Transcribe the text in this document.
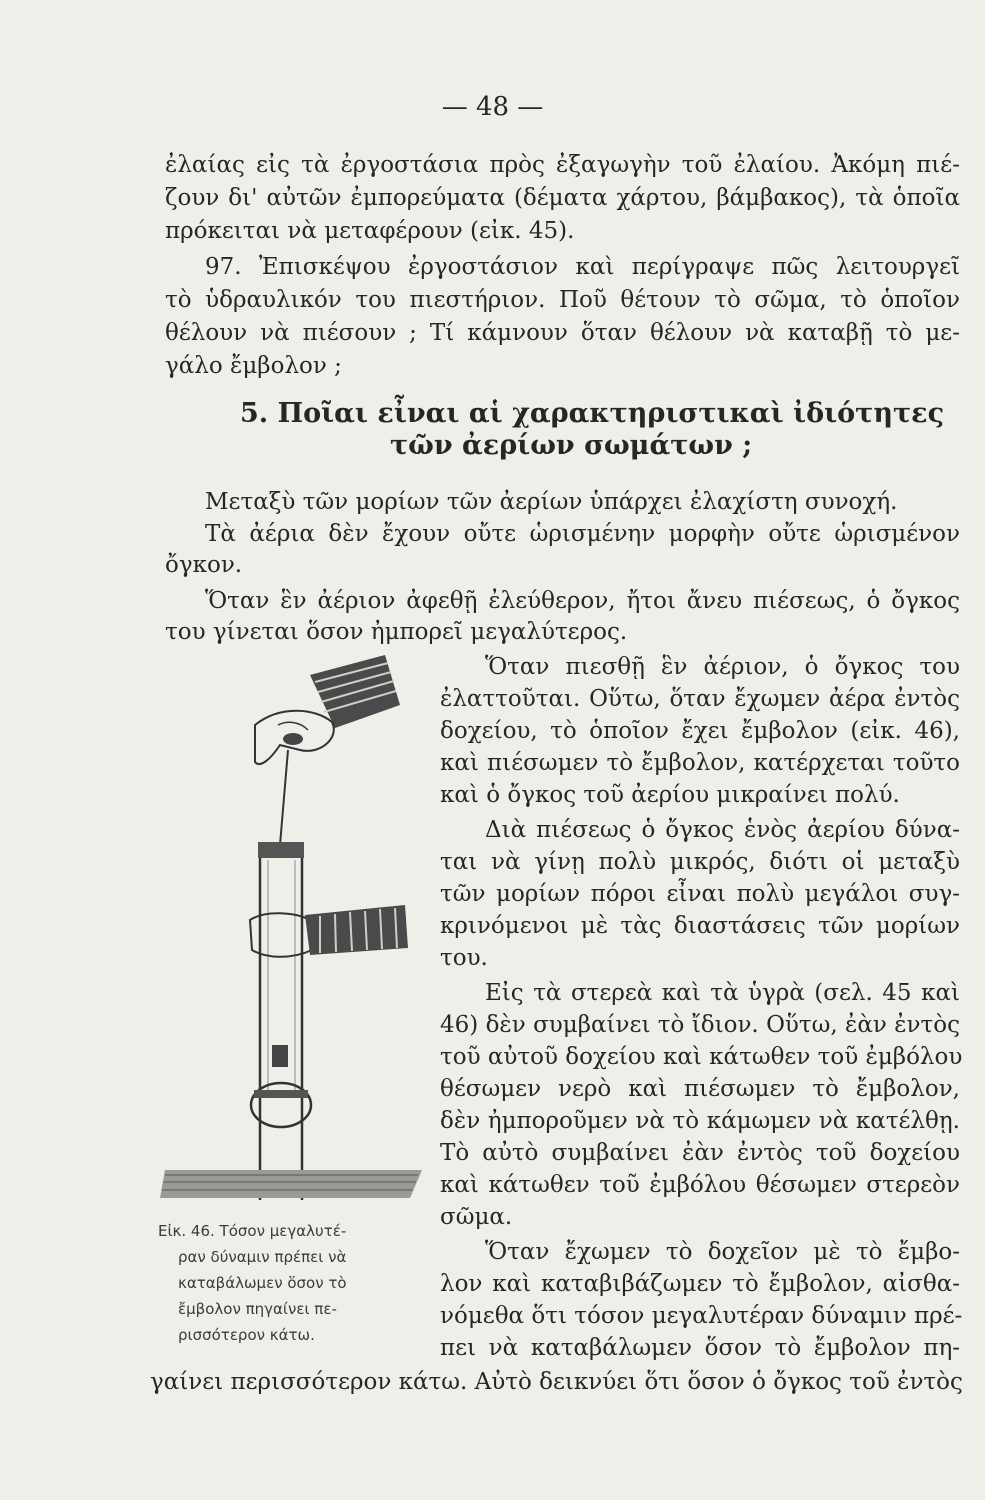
— 48 —
ἐλαίας εἰς τὰ ἐργοστάσια πρὸς ἐξαγωγὴν τοῦ ἐλαίου. Ἀκόμη πιέ-
ζουν δι' αὐτῶν ἐμπορεύματα (δέματα χάρτου, βάμβακος), τὰ ὁποῖα
πρόκειται νὰ μεταφέρουν (εἰκ. 45).
97. Ἐπισκέψου ἐργοστάσιον καὶ περίγραψε πῶς λειτουργεῖ
τὸ ὑδραυλικόν του πιεστήριον. Ποῦ θέτουν τὸ σῶμα, τὸ ὁποῖον
θέλουν νὰ πιέσουν ; Τί κάμνουν ὅταν θέλουν νὰ καταβῇ τὸ με-
γάλο ἔμβολον ;
5. Ποῖαι εἶναι αἱ χαρακτηριστικαὶ ἰδιότητες
τῶν ἀερίων σωμάτων ;
Μεταξὺ τῶν μορίων τῶν ἀερίων ὑπάρχει ἐλαχίστη συνοχή.
Τὰ ἀέρια δὲν ἔχουν οὔτε ὡρισμένην μορφὴν οὔτε ὡρισμένον
ὄγκον.
Ὅταν ἓν ἀέριον ἀφεθῇ ἐλεύθερον, ἤτοι ἄνευ πιέσεως, ὁ ὄγκος
του γίνεται ὅσον ἠμπορεῖ μεγαλύτερος.
Ὅταν πιεσθῇ ἓν ἀέριον, ὁ ὄγκος του
ἐλαττοῦται. Οὕτω, ὅταν ἔχωμεν ἀέρα ἐντὸς
δοχείου, τὸ ὁποῖον ἔχει ἔμβολον (εἰκ. 46),
καὶ πιέσωμεν τὸ ἔμβολον, κατέρχεται τοῦτο
καὶ ὁ ὄγκος τοῦ ἀερίου μικραίνει πολύ.
Διὰ πιέσεως ὁ ὄγκος ἑνὸς ἀερίου δύνα-
ται νὰ γίνῃ πολὺ μικρός, διότι οἱ μεταξὺ
τῶν μορίων πόροι εἶναι πολὺ μεγάλοι συγ-
κρινόμενοι μὲ τὰς διαστάσεις τῶν μορίων
του.
Εἰς τὰ στερεὰ καὶ τὰ ὑγρὰ (σελ. 45 καὶ
46) δὲν συμβαίνει τὸ ἴδιον. Οὕτω, ἐὰν ἐντὸς
τοῦ αὐτοῦ δοχείου καὶ κάτωθεν τοῦ ἐμβόλου
θέσωμεν νερὸ καὶ πιέσωμεν τὸ ἔμβολον,
δὲν ἠμποροῦμεν νὰ τὸ κάμωμεν νὰ κατέλθῃ.
Τὸ αὐτὸ συμβαίνει ἐὰν ἐντὸς τοῦ δοχείου
καὶ κάτωθεν τοῦ ἐμβόλου θέσωμεν στερεὸν
σῶμα.
Ὅταν ἔχωμεν τὸ δοχεῖον μὲ τὸ ἔμβο-
λον καὶ καταβιβάζωμεν τὸ ἔμβολον, αἰσθα-
νόμεθα ὅτι τόσον μεγαλυτέραν δύναμιν πρέ-
πει νὰ καταβάλωμεν ὅσον τὸ ἔμβολον πη-
γαίνει περισσότερον κάτω. Αὐτὸ δεικνύει ὅτι ὅσον ὁ ὄγκος τοῦ ἐντὸς
Εἰκ. 46. Τόσον μεγαλυτέ-
ραν δύναμιν πρέπει νὰ
καταβάλωμεν ὅσον τὸ
ἔμβολον πηγαίνει πε-
ρισσότερον κάτω.
